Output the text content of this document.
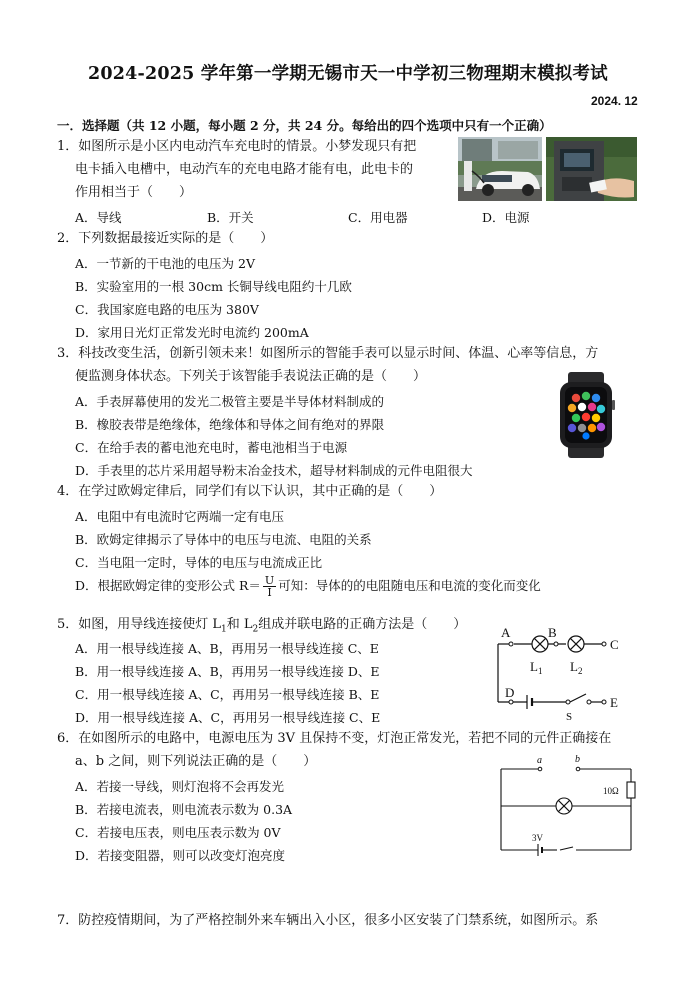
2024-2025 学年第一学期无锡市天一中学初三物理期末模拟考试
2024. 12
一．选择题（共 12 小题，每小题 2 分，共 24 分。每给出的四个选项中只有一个正确）
1．如图所示是小区内电动汽车充电时的情景。小梦发现只有把
电卡插入电槽中，电动汽车的充电电路才能有电，此电卡的
作用相当于（　　）
A．导线	B．开关	C．用电器	D．电源
2．下列数据最接近实际的是（　　）
A．一节新的干电池的电压为 2V
B．实验室用的一根 30cm 长铜导线电阻约十几欧
C．我国家庭电路的电压为 380V
D．家用日光灯正常发光时电流约 200mA
3．科技改变生活，创新引领未来！如图所示的智能手表可以显示时间、体温、心率等信息，方
便监测身体状态。下列关于该智能手表说法正确的是（　　）
A．手表屏幕使用的发光二极管主要是半导体材料制成的
B．橡胶表带是绝缘体，绝缘体和导体之间有绝对的界限
C．在给手表的蓄电池充电时，蓄电池相当于电源
D．手表里的芯片采用超导粉末冶金技术，超导材料制成的元件电阻很大
4．在学过欧姆定律后，同学们有以下认识，其中正确的是（　　）
A．电阻中有电流时它两端一定有电压
B．欧姆定律揭示了导体中的电压与电流、电阻的关系
C．当电阻一定时，导体的电压与电流成正比
D．根据欧姆定律的变形公式 $R= \frac{U}{I}$ 可知：导体的的电阻随电压和电流的变化而变化
5．如图，用导线连接使灯 $L_1$和 $L_2$组成并联电路的正确方法是（　　）
A．用一根导线连接 A、B，再用另一根导线连接 C、E
B．用一根导线连接 A、B，再用另一根导线连接 D、E
C．用一根导线连接 A、C，再用另一根导线连接 B、E
D．用一根导线连接 A、C，再用另一根导线连接 C、E
A	B
C
D
E
S
$L_1$ $L_2$
6．在如图所示的电路中，电源电压为 3V 且保持不变，灯泡正常发光，若把不同的元件正确接在
a、b 之间，则下列说法正确的是（　　）
A．若接一导线，则灯泡将不会再发光
B．若接电流表，则电流表示数为 0.3A
C．若接电压表，则电压表示数为 0V
D．若接变阻器，则可以改变灯泡亮度
a	b
10Ω
3V
7．防控疫情期间，为了严格控制外来车辆出入小区，很多小区安装了门禁系统，如图所示。系
